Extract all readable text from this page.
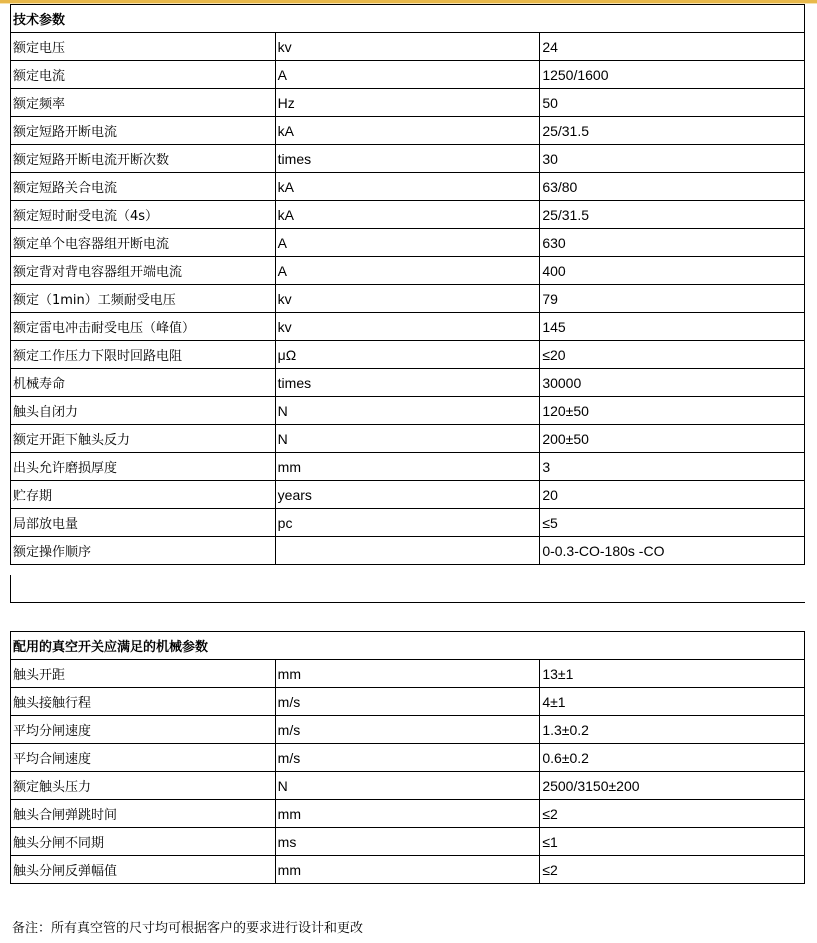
技术参数		
额定电压	kv	24
额定电流	A	1250/1600
额定频率	Hz	50
额定短路开断电流	kA	25/31.5
额定短路开断电流开断次数	times	30
额定短路关合电流	kA	63/80
额定短时耐受电流（4s）	kA	25/31.5
额定单个电容器组开断电流	A	630
额定背对背电容器组开端电流	A	400
额定（1min）工频耐受电压	kv	79
额定雷电冲击耐受电压（峰值）	kv	145
额定工作压力下限时回路电阻	μΩ	≤20
机械寿命	times	30000
触头自闭力	N	120±50
额定开距下触头反力	N	200±50
出头允许磨损厚度	mm	3
贮存期	years	20
局部放电量	pc	≤5
额定操作顺序		0-0.3-CO-180s -CO
配用的真空开关应满足的机械参数		
触头开距	mm	13±1
触头接触行程	m/s	4±1
平均分闸速度	m/s	1.3±0.2
平均合闸速度	m/s	0.6±0.2
额定触头压力	N	2500/3150±200
触头合闸弹跳时间	mm	≤2
触头分闸不同期	ms	≤1
触头分闸反弹幅值	mm	≤2
备注：所有真空管的尺寸均可根据客户的要求进行设计和更改
